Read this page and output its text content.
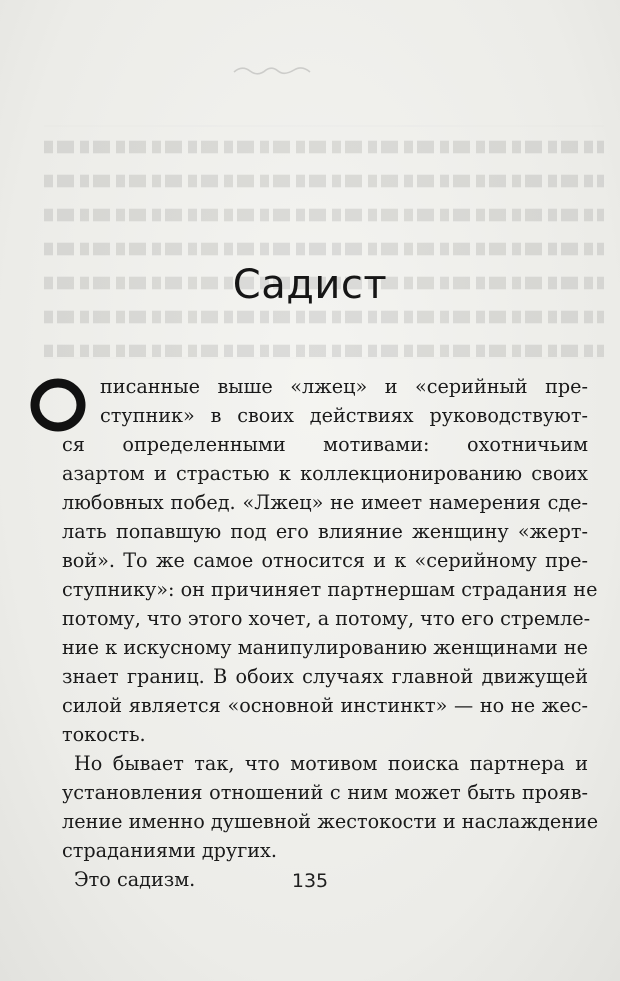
Садист
О
писанные выше «лжец» и «серийный пре-
ступник» в своих действиях руководствуют-
ся определенными мотивами: охотничьим
азартом и страстью к коллекционированию своих
любовных побед. «Лжец» не имеет намерения сде-
лать попавшую под его влияние женщину «жерт-
вой». То же самое относится и к «серийному пре-
ступнику»: он причиняет партнершам страдания не
потому, что этого хочет, а потому, что его стремле-
ние к искусному манипулированию женщинами не
знает границ. В обоих случаях главной движущей
силой является «основной инстинкт» — но не жес-
токость.
Но бывает так, что мотивом поиска партнера и
установления отношений с ним может быть прояв-
ление именно душевной жестокости и наслаждение
страданиями других.
Это садизм.	135
